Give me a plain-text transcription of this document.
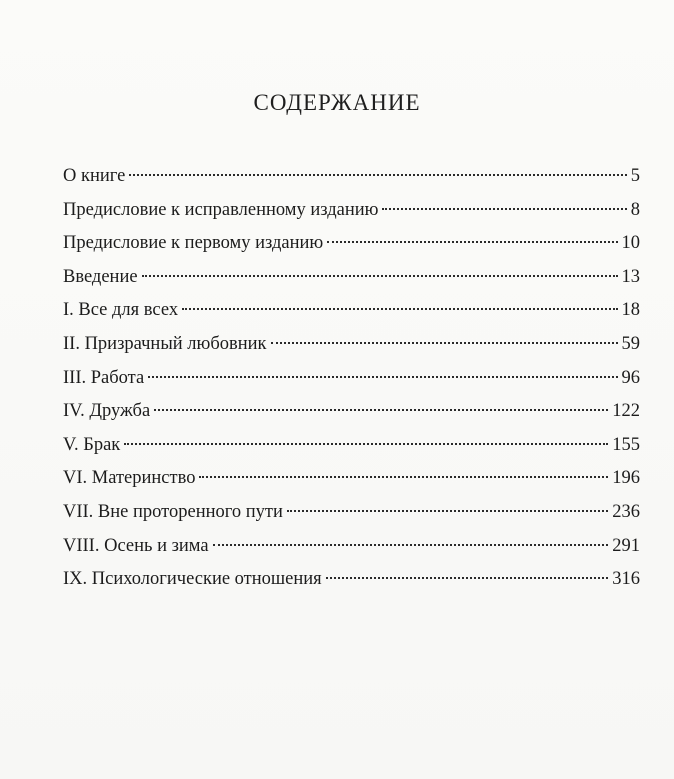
СОДЕРЖАНИЕ
О книге	5
Предисловие к исправленному изданию	8
Предисловие к первому изданию	10
Введение	13
I. Все для всех	18
II. Призрачный любовник	59
III. Работа	96
IV. Дружба	122
V. Брак	155
VI. Материнство	196
VII. Вне проторенного пути	236
VIII. Осень и зима	291
IX. Психологические отношения	316
